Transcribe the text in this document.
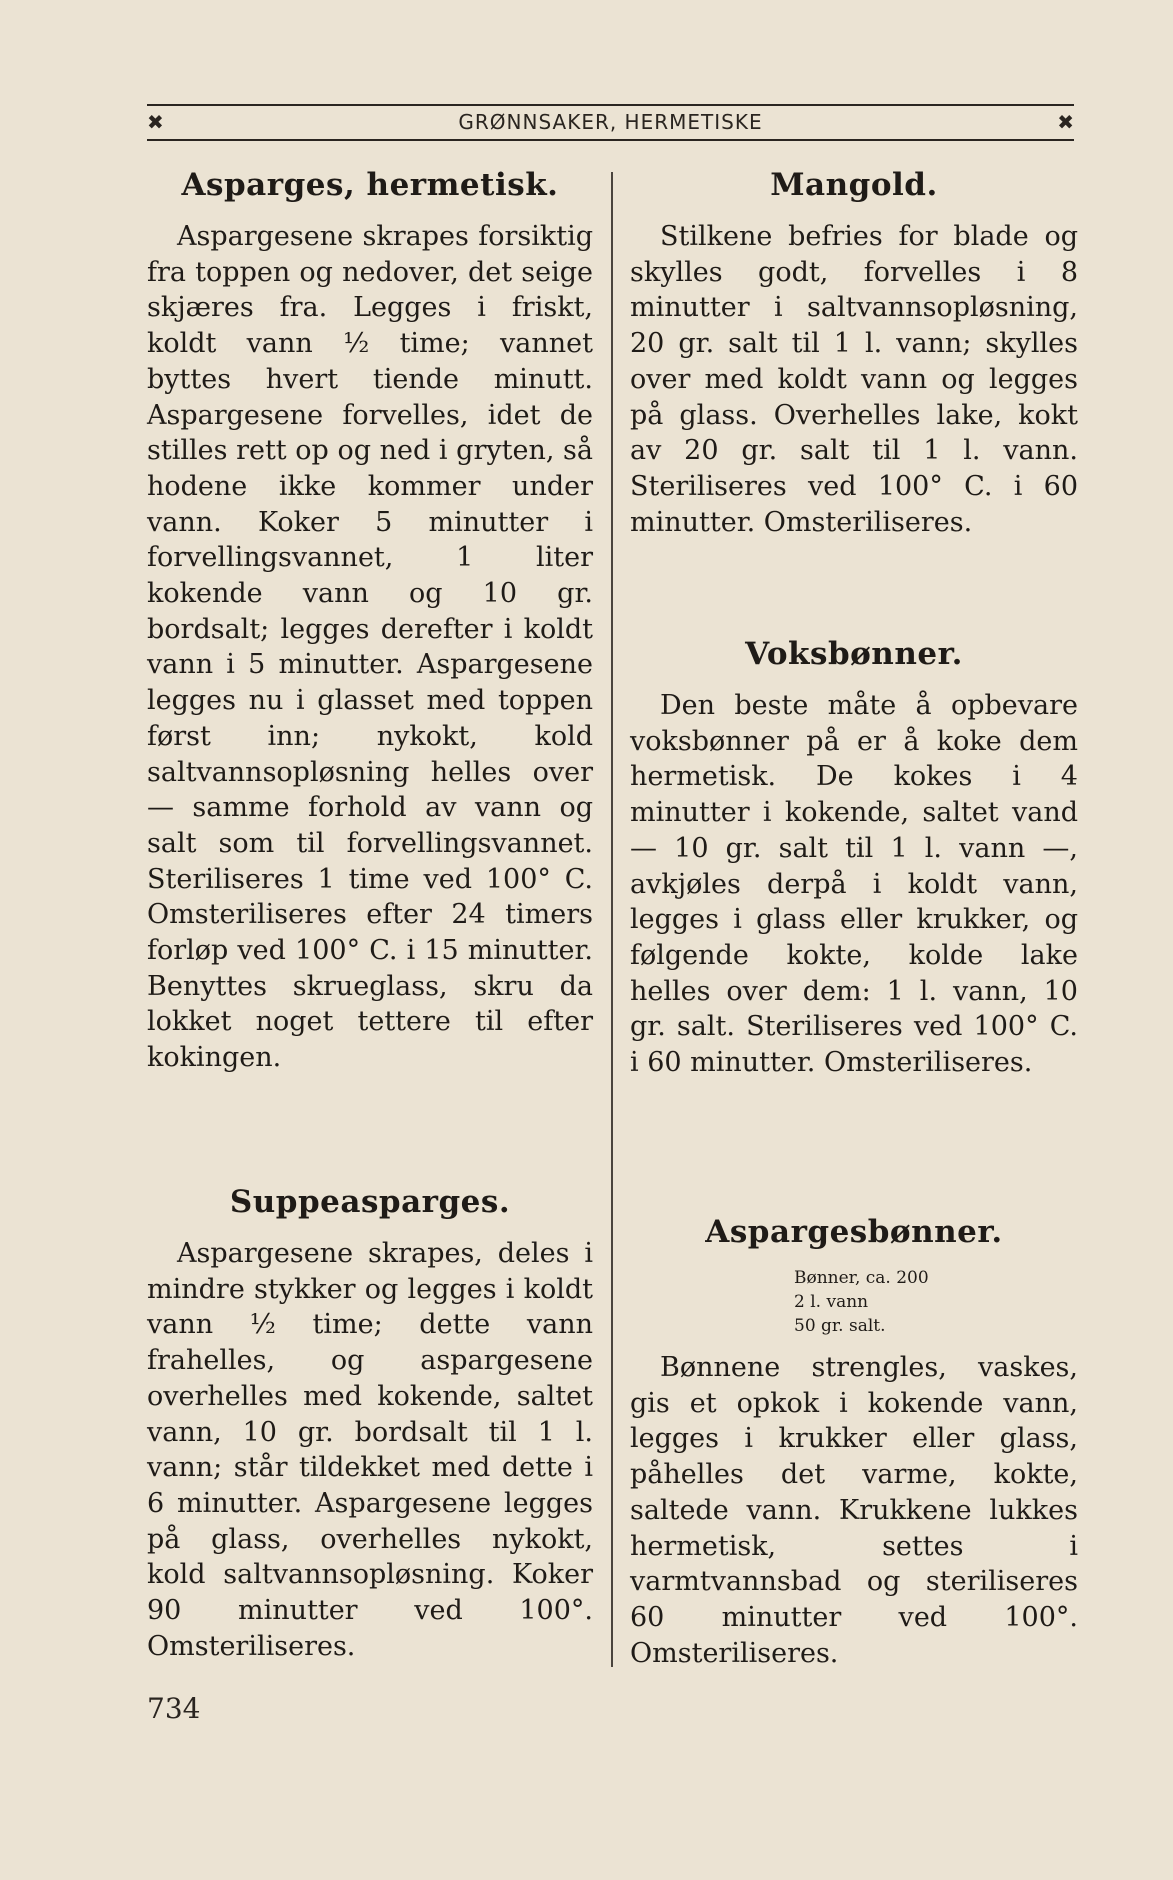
✖	GRØNNSAKER, HERMETISKE	✖
Asparges, hermetisk.

Aspargesene skrapes forsiktig fra toppen og nedover, det seige skjæres fra. Legges i friskt, koldt vann ½ time; vannet byttes hvert tiende minutt. Aspargesene forvelles, idet de stilles rett op og ned i gryten, så hodene ikke kommer under vann. Koker 5 minutter i forvellingsvannet, 1 liter kokende vann og 10 gr. bordsalt; legges derefter i koldt vann i 5 minutter. Aspargesene legges nu i glasset med toppen først inn; nykokt, kold saltvannsopløsning helles over — samme forhold av vann og salt som til forvellingsvannet. Steriliseres 1 time ved 100° C. Omsteriliseres efter 24 timers forløp ved 100° C. i 15 minutter. Benyttes skrueglass, skru da lokket noget tettere til efter kokingen.

Suppeasparges.

Aspargesene skrapes, deles i mindre stykker og legges i koldt vann ½ time; dette vann frahelles, og aspargesene overhelles med kokende, saltet vann, 10 gr. bordsalt til 1 l. vann; står tildekket med dette i 6 minutter. Aspargesene legges på glass, overhelles nykokt, kold saltvannsopløsning. Koker 90 minutter ved 100°. Omsteriliseres.

Mangold.

Stilkene befries for blade og skylles godt, forvelles i 8 minutter i saltvannsopløsning, 20 gr. salt til 1 l. vann; skylles over med koldt vann og legges på glass. Overhelles lake, kokt av 20 gr. salt til 1 l. vann. Steriliseres ved 100° C. i 60 minutter. Omsteriliseres.

Voksbønner.

Den beste måte å opbevare voksbønner på er å koke dem hermetisk. De kokes i 4 minutter i kokende, saltet vand — 10 gr. salt til 1 l. vann —, avkjøles derpå i koldt vann, legges i glass eller krukker, og følgende kokte, kolde lake helles over dem: 1 l. vann, 10 gr. salt. Steriliseres ved 100° C. i 60 minutter. Omsteriliseres.

Aspargesbønner.
Bønner, ca. 200
2 l. vann
50 gr. salt.

Bønnene strengles, vaskes, gis et opkok i kokende vann, legges i krukker eller glass, påhelles det varme, kokte, saltede vann. Krukkene lukkes hermetisk, settes i varmtvannsbad og steriliseres 60 minutter ved 100°. Omsteriliseres.

734
